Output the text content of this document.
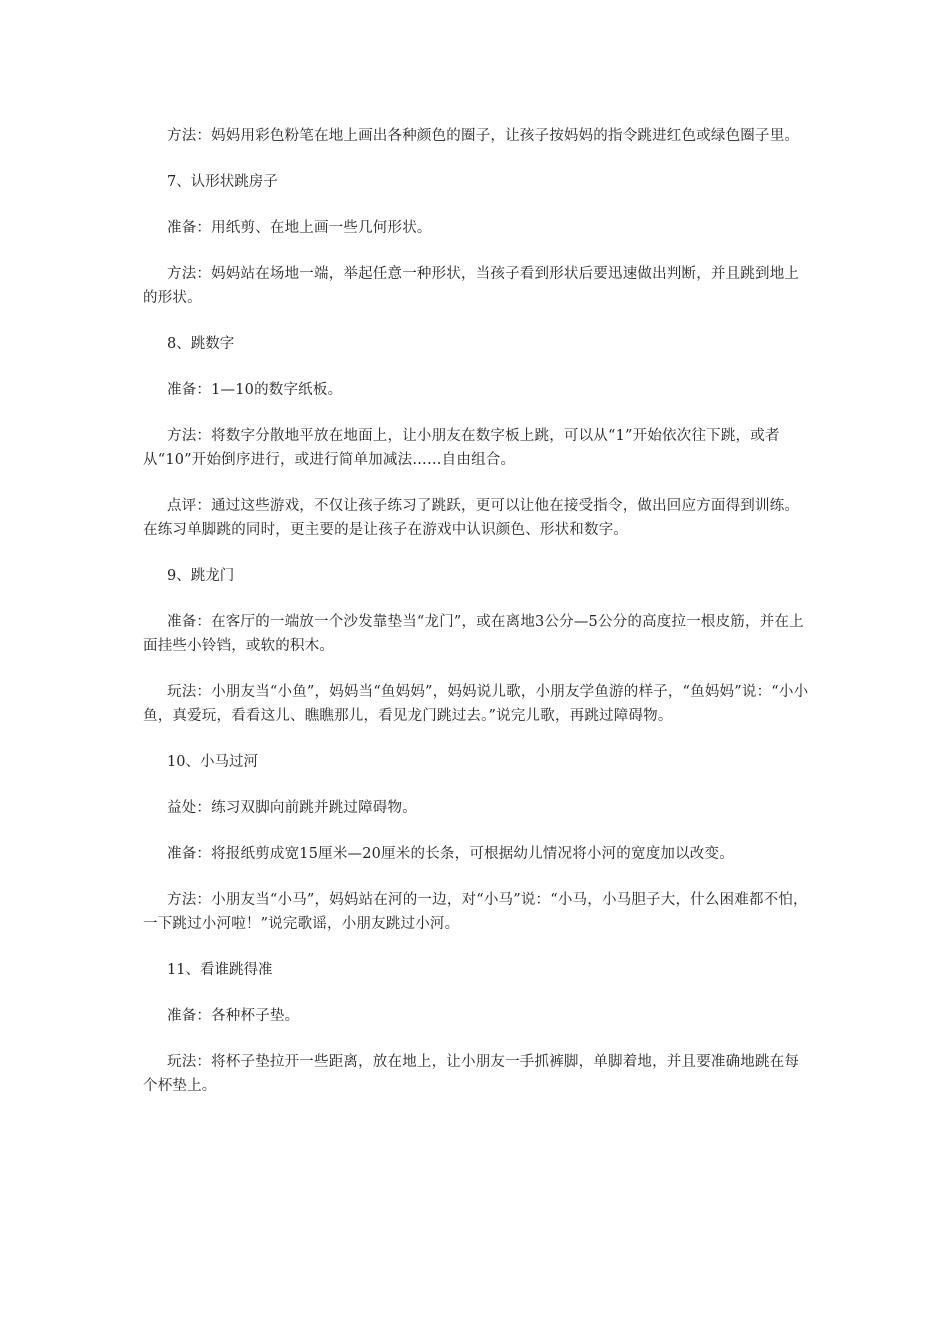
方法：妈妈用彩色粉笔在地上画出各种颜色的圈子，让孩子按妈妈的指令跳进红色或绿色圈子里。

7、认形状跳房子

准备：用纸剪、在地上画一些几何形状。

方法：妈妈站在场地一端，举起任意一种形状，当孩子看到形状后要迅速做出判断，并且跳到地上的形状。

8、跳数字

准备：1—10的数字纸板。

方法：将数字分散地平放在地面上，让小朋友在数字板上跳，可以从“1”开始依次往下跳，或者从“10”开始倒序进行，或进行简单加减法……自由组合。

点评：通过这些游戏，不仅让孩子练习了跳跃，更可以让他在接受指令，做出回应方面得到训练。在练习单脚跳的同时，更主要的是让孩子在游戏中认识颜色、形状和数字。

9、跳龙门

准备：在客厅的一端放一个沙发靠垫当“龙门”，或在离地3公分—5公分的高度拉一根皮筋，并在上面挂些小铃铛，或软的积木。

玩法：小朋友当“小鱼”，妈妈当“鱼妈妈”，妈妈说儿歌，小朋友学鱼游的样子，“鱼妈妈”说：“小小鱼，真爱玩，看看这儿、瞧瞧那儿，看见龙门跳过去。”说完儿歌，再跳过障碍物。

10、小马过河

益处：练习双脚向前跳并跳过障碍物。

准备：将报纸剪成宽15厘米—20厘米的长条，可根据幼儿情况将小河的宽度加以改变。

方法：小朋友当“小马”，妈妈站在河的一边，对“小马”说：“小马，小马胆子大，什么困难都不怕，一下跳过小河啦！”说完歌谣，小朋友跳过小河。

11、看谁跳得准

准备：各种杯子垫。

玩法：将杯子垫拉开一些距离，放在地上，让小朋友一手抓裤脚，单脚着地，并且要准确地跳在每个杯垫上。
